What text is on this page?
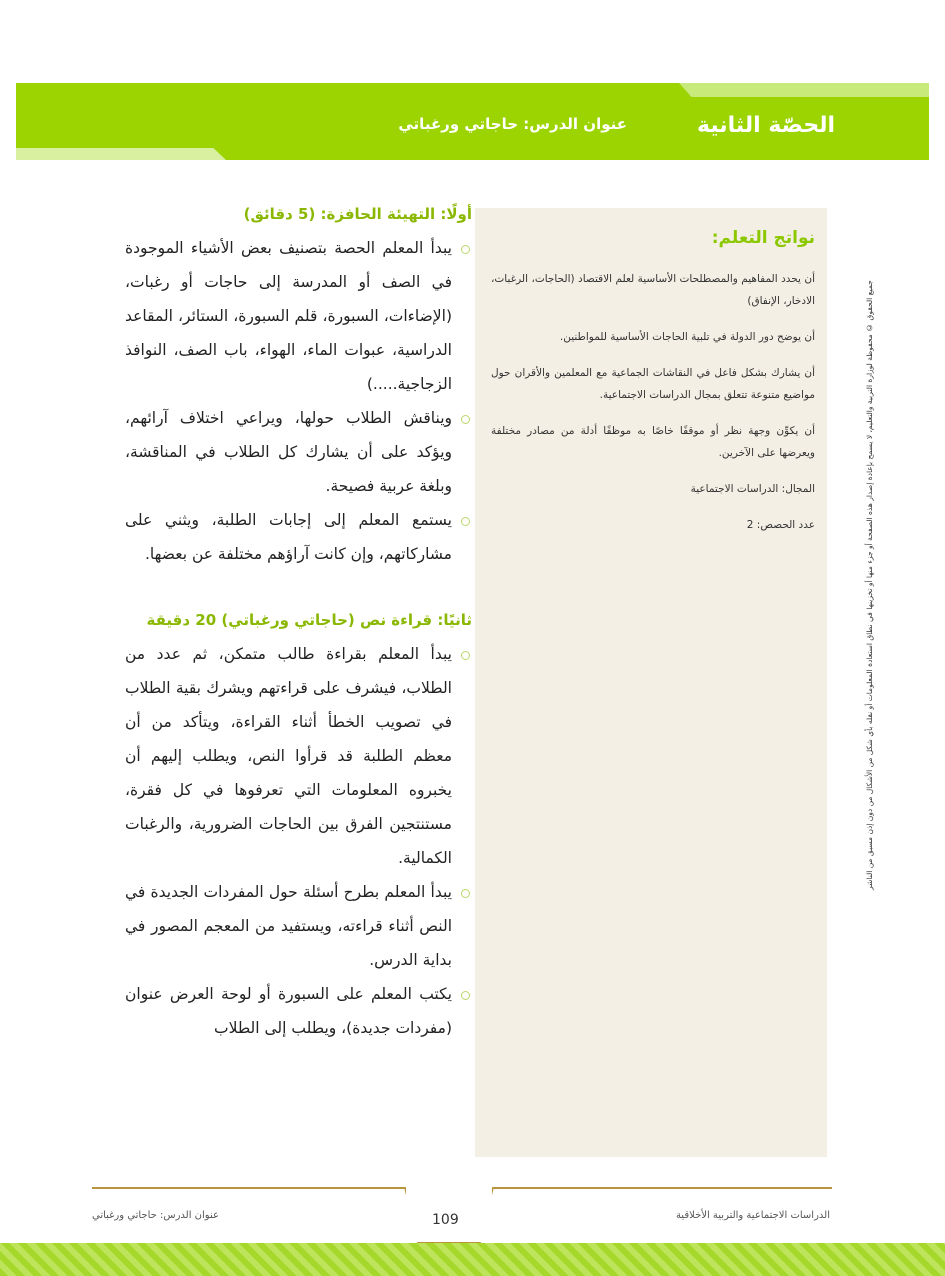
الحصّة الثانية
عنوان الدرس: حاجاتي ورغباتي
نواتج التعلم:

أن يحدد المفاهيم والمصطلحات الأساسية لعلم الاقتصاد (الحاجات، الرغبات، الادخار، الإنفاق)

أن يوضح دور الدولة في تلبية الحاجات الأساسية للمواطنين.

أن يشارك بشكل فاعل في النقاشات الجماعية مع المعلمين والأقران حول مواضيع متنوعة تتعلق بمجال الدراسات الاجتماعية.

أن يكوِّن وجهة نظر أو موقفًا خاصًا به موظفًا أدلة من مصادر مختلفة ويعرضها على الآخرين.

المجال: الدراسات الاجتماعية

عدد الحصص: 2

أولًا: التهيئة الحافزة: (5 دقائق)
يبدأ المعلم الحصة بتصنيف بعض الأشياء الموجودة في الصف أو المدرسة إلى حاجات أو رغبات، (الإضاءات، السبورة، قلم السبورة، الستائر، المقاعد الدراسية، عبوات الماء، الهواء، باب الصف، النوافذ الزجاجية.....)
ويناقش الطلاب حولها، ويراعي اختلاف آرائهم، ويؤكد على أن يشارك كل الطلاب في المناقشة، وبلغة عربية فصيحة.
يستمع المعلم إلى إجابات الطلبة، ويثني على مشاركاتهم، وإن كانت آراؤهم مختلفة عن بعضها.
ثانيًا: قراءة نص (حاجاتي ورغباتي) 20 دقيقة
يبدأ المعلم بقراءة طالب متمكن، ثم عدد من الطلاب، فيشرف على قراءتهم ويشرك بقية الطلاب في تصويب الخطأ أثناء القراءة، ويتأكد من أن معظم الطلبة قد قرأوا النص، ويطلب إليهم أن يخبروه المعلومات التي تعرفوها في كل فقرة، مستنتجين الفرق بين الحاجات الضرورية، والرغبات الكمالية.
يبدأ المعلم بطرح أسئلة حول المفردات الجديدة في النص أثناء قراءته، ويستفيد من المعجم المصور في بداية الدرس.
يكتب المعلم على السبورة أو لوحة العرض عنوان (مفردات جديدة)، ويطلب إلى الطلاب
جميع الحقوق © محفوظة لوزارة التربية والتعليم، لا يسمح بإعادة إصدار هذه الصفحة أو جزء منها أو تخزينها في نطاق استعادة المعلومات أو نقله بأي شكل من الأشكال من دون إذن مسبق من الناشر
109	الدراسات الاجتماعية والتربية الأخلاقية
عنوان الدرس: حاجاتي ورغباتي
